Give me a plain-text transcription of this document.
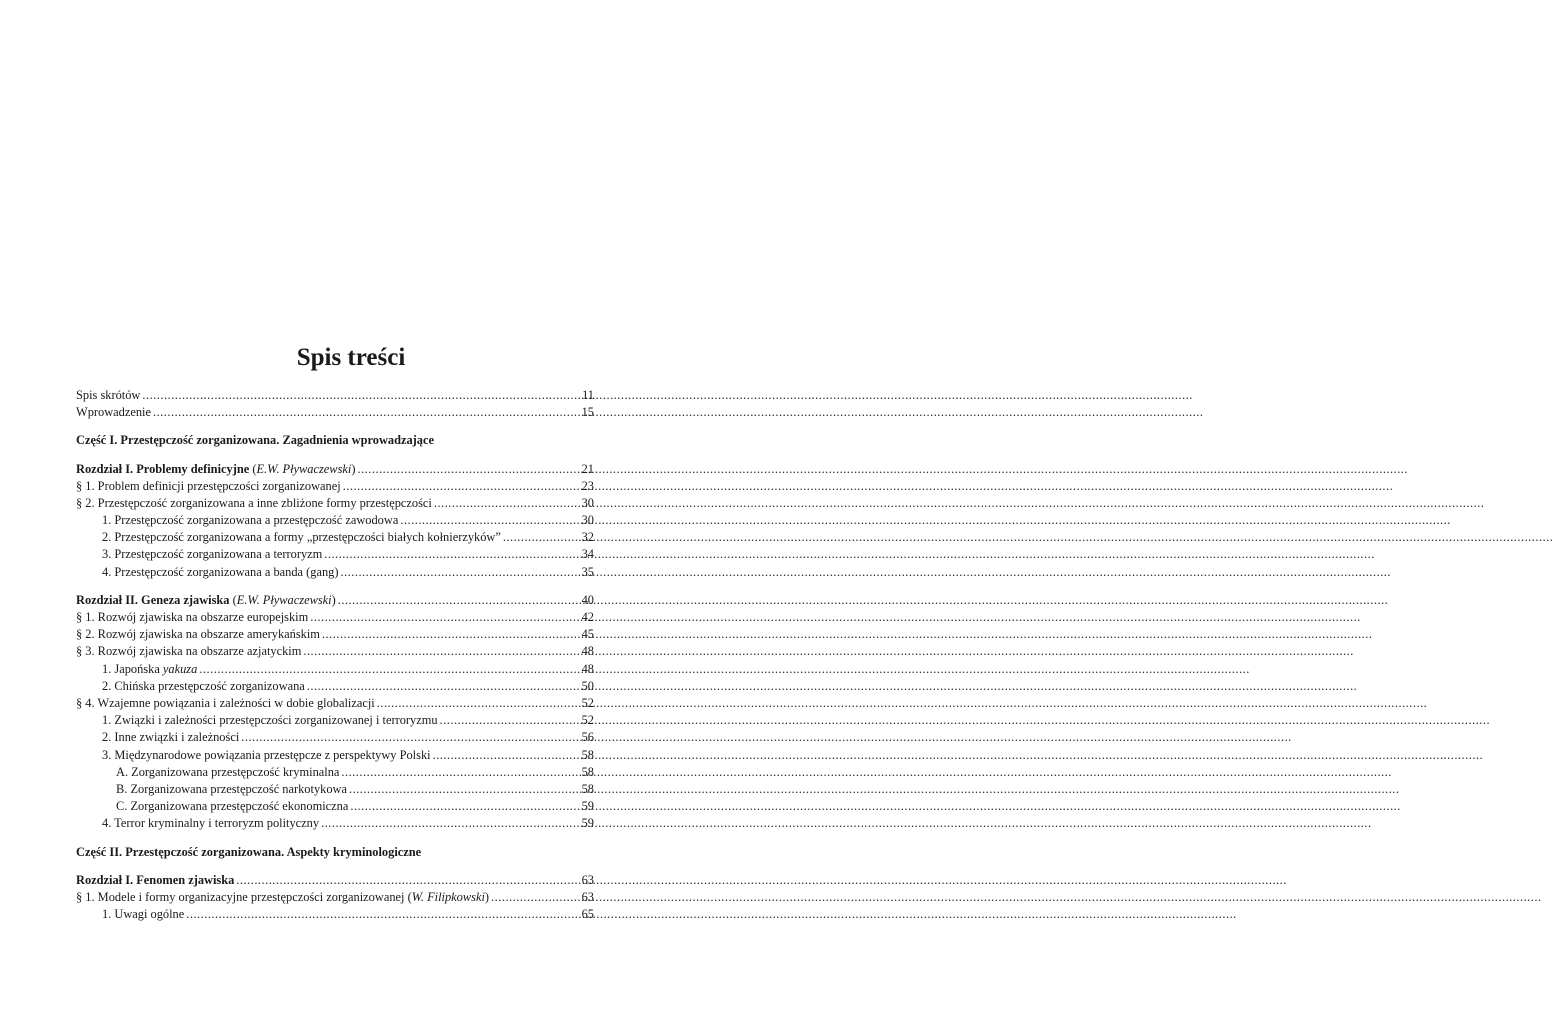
Spis treści
Spis skrótów .....	11
Wprowadzenie .....	15
Część I. Przestępczość zorganizowana. Zagadnienia wprowadzające
Rozdział I. Problemy definicyjne (E.W. Pływaczewski) .....	21
§ 1. Problem definicji przestępczości zorganizowanej .....	23
§ 2. Przestępczość zorganizowana a inne zbliżone formy przestępczości .....	30
1. Przestępczość zorganizowana a przestępczość zawodowa .....	30
2. Przestępczość zorganizowana a formy „przestępczości białych kołnierzyków” .....	32
3. Przestępczość zorganizowana a terroryzm .....	34
4. Przestępczość zorganizowana a banda (gang) .....	35
Rozdział II. Geneza zjawiska (E.W. Pływaczewski) .....	40
§ 1. Rozwój zjawiska na obszarze europejskim .....	42
§ 2. Rozwój zjawiska na obszarze amerykańskim .....	45
§ 3. Rozwój zjawiska na obszarze azjatyckim .....	48
1. Japońska yakuza .....	48
2. Chińska przestępczość zorganizowana .....	50
§ 4. Wzajemne powiązania i zależności w dobie globalizacji .....	52
1. Związki i zależności przestępczości zorganizowanej i terroryzmu .....	52
2. Inne związki i zależności .....	56
3. Międzynarodowe powiązania przestępcze z perspektywy Polski .....	58
A. Zorganizowana przestępczość kryminalna .....	58
B. Zorganizowana przestępczość narkotykowa .....	58
C. Zorganizowana przestępczość ekonomiczna .....	59
4. Terror kryminalny i terroryzm polityczny .....	59
Część II. Przestępczość zorganizowana. Aspekty kryminologiczne
Rozdział I. Fenomen zjawiska .....	63
§ 1. Modele i formy organizacyjne przestępczości zorganizowanej (W. Filipkowski) .....	63
1. Uwagi ogólne .....	65
